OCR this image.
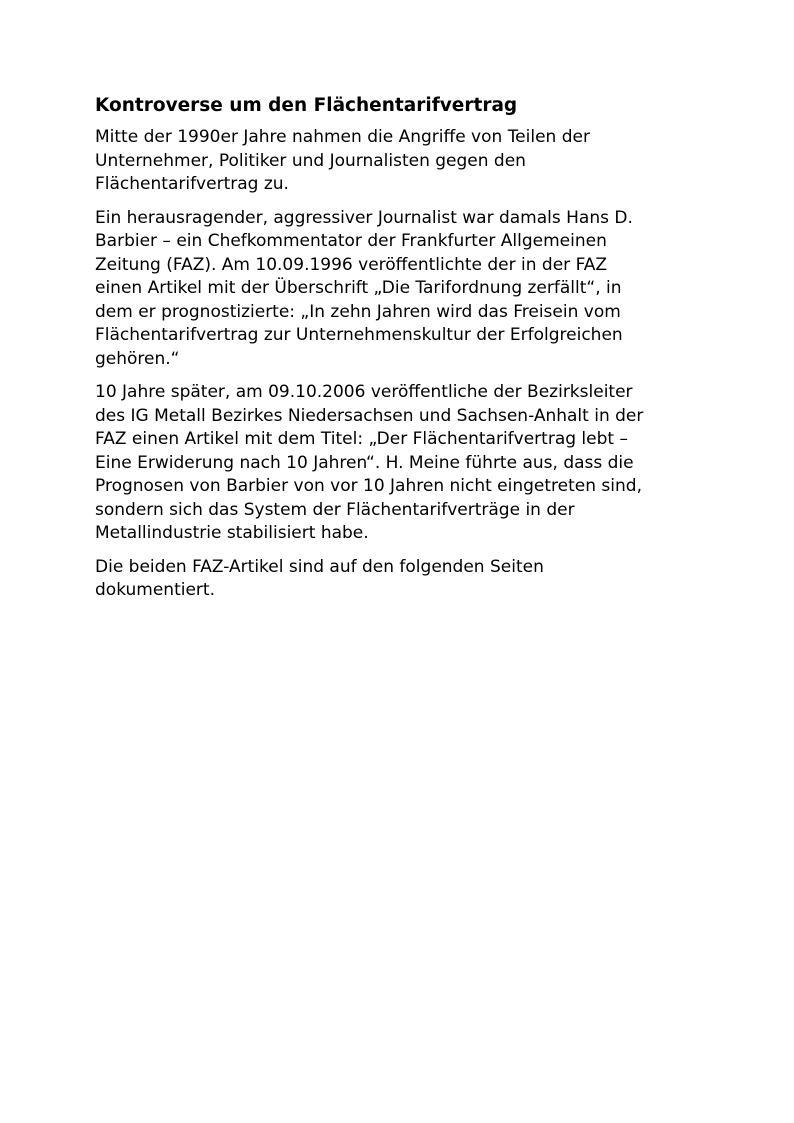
Kontroverse um den Flächentarifvertrag

Mitte der 1990er Jahre nahmen die Angriffe von Teilen der
Unternehmer, Politiker und Journalisten gegen den
Flächentarifvertrag zu.

Ein herausragender, aggressiver Journalist war damals Hans D.
Barbier – ein Chefkommentator der Frankfurter Allgemeinen
Zeitung (FAZ). Am 10.09.1996 veröffentlichte der in der FAZ
einen Artikel mit der Überschrift „Die Tarifordnung zerfällt“, in
dem er prognostizierte: „In zehn Jahren wird das Freisein vom
Flächentarifvertrag zur Unternehmenskultur der Erfolgreichen
gehören.“

10 Jahre später, am 09.10.2006 veröffentliche der Bezirksleiter
des IG Metall Bezirkes Niedersachsen und Sachsen-Anhalt in der
FAZ einen Artikel mit dem Titel: „Der Flächentarifvertrag lebt –
Eine Erwiderung nach 10 Jahren“. H. Meine führte aus, dass die
Prognosen von Barbier von vor 10 Jahren nicht eingetreten sind,
sondern sich das System der Flächentarifverträge in der
Metallindustrie stabilisiert habe.

Die beiden FAZ-Artikel sind auf den folgenden Seiten
dokumentiert.
